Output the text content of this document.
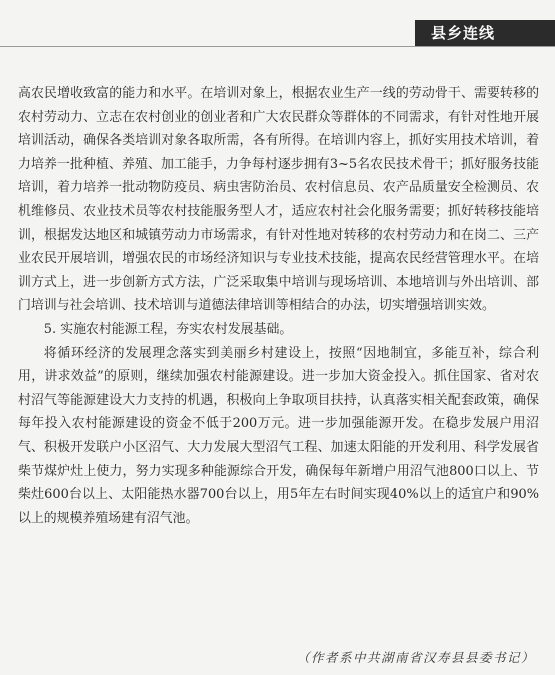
县乡连线

高农民增收致富的能力和水平。在培训对象上，根据农业生产一线的劳动骨干、需要转移的农村劳动力、立志在农村创业的创业者和广大农民群众等群体的不同需求，有针对性地开展培训活动，确保各类培训对象各取所需，各有所得。在培训内容上，抓好实用技术培训，着力培养一批种植、养殖、加工能手，力争每村逐步拥有3~5名农民技术骨干；抓好服务技能培训，着力培养一批动物防疫员、病虫害防治员、农村信息员、农产品质量安全检测员、农机维修员、农业技术员等农村技能服务型人才，适应农村社会化服务需要；抓好转移技能培训，根据发达地区和城镇劳动力市场需求，有针对性地对转移的农村劳动力和在岗二、三产业农民开展培训，增强农民的市场经济知识与专业技术技能，提高农民经营管理水平。在培训方式上，进一步创新方式方法，广泛采取集中培训与现场培训、本地培训与外出培训、部门培训与社会培训、技术培训与道德法律培训等相结合的办法，切实增强培训实效。

5. 实施农村能源工程，夯实农村发展基础。

将循环经济的发展理念落实到美丽乡村建设上，按照“因地制宜，多能互补，综合利用，讲求效益”的原则，继续加强农村能源建设。进一步加大资金投入。抓住国家、省对农村沼气等能源建设大力支持的机遇，积极向上争取项目扶持，认真落实相关配套政策，确保每年投入农村能源建设的资金不低于200万元。进一步加强能源开发。在稳步发展户用沼气、积极开发联户小区沼气、大力发展大型沼气工程、加速太阳能的开发利用、科学发展省柴节煤炉灶上使力，努力实现多种能源综合开发，确保每年新增户用沼气池800口以上、节柴灶600台以上、太阳能热水器700台以上，用5年左右时间实现40%以上的适宜户和90%以上的规模养殖场建有沼气池。

（作者系中共湖南省汉寿县县委书记）
